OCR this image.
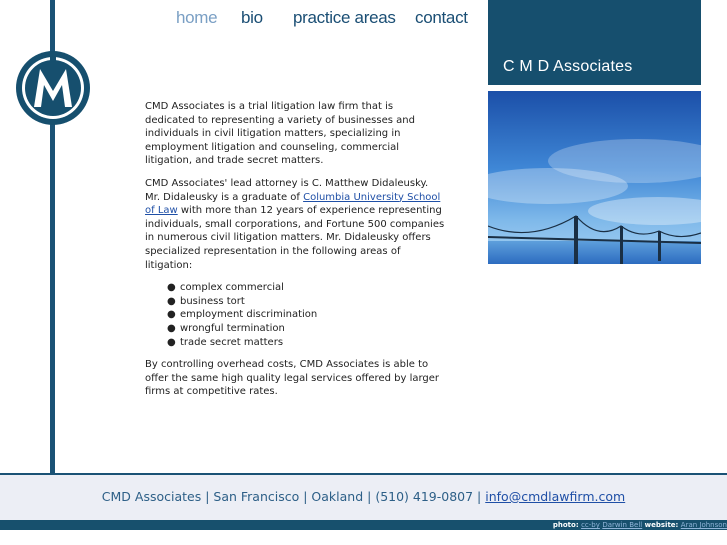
home bio practice areas contact
C M D Associates

CMD Associates is a trial litigation law firm that is dedicated to representing a variety of businesses and individuals in civil litigation matters, specializing in employment litigation and counseling, commercial litigation, and trade secret matters.

CMD Associates' lead attorney is C. Matthew Didaleusky. Mr. Didaleusky is a graduate of Columbia University School of Law with more than 12 years of experience representing individuals, small corporations, and Fortune 500 companies in numerous civil litigation matters. Mr. Didaleusky offers specialized representation in the following areas of litigation:

● complex commercial
● business tort
● employment discrimination
● wrongful termination
● trade secret matters

By controlling overhead costs, CMD Associates is able to offer the same high quality legal services offered by larger firms at competitive rates.

CMD Associates | San Francisco | Oakland | (510) 419-0807 | info@cmdlawfirm.com
photo: cc-by Darwin Bell website: Aran Johnson
